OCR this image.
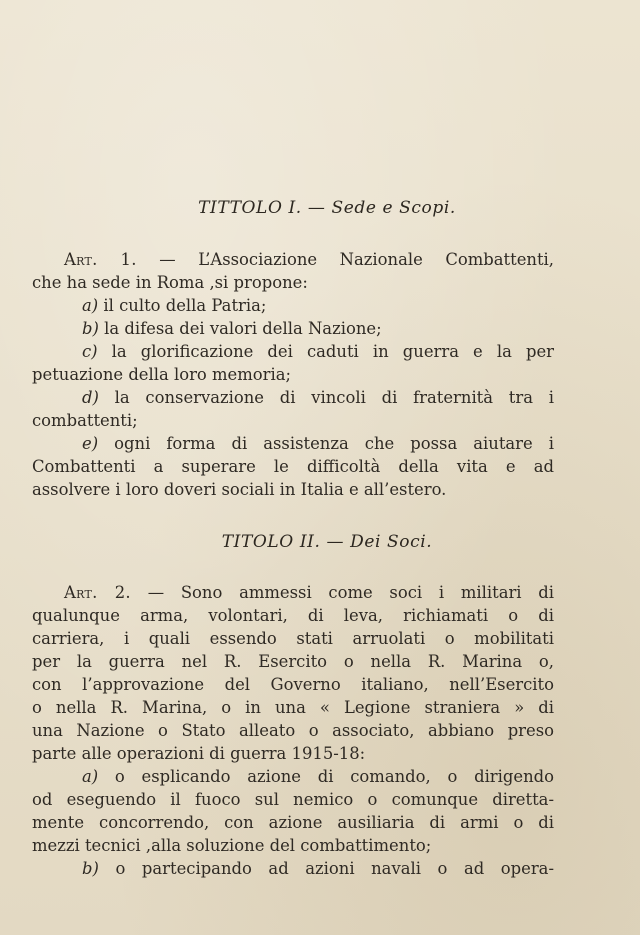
TITTOLO I. — Sede e Scopi.
Art. 1. — L’Associazione Nazionale Combattenti,
che ha sede in Roma ,si propone:
a) il culto della Patria;
b) la difesa dei valori della Nazione;
c) la glorificazione dei caduti in guerra e la per
petuazione della loro memoria;
d) la conservazione di vincoli di fraternità tra i
combattenti;
e) ogni forma di assistenza che possa aiutare i
Combattenti a superare le difficoltà della vita e ad
assolvere i loro doveri sociali in Italia e all’estero.
TITOLO II. — Dei Soci.
Art. 2. — Sono ammessi come soci i militari di
qualunque arma, volontari, di leva, richiamati o di
carriera, i quali essendo stati arruolati o mobilitati
per la guerra nel R. Esercito o nella R. Marina o,
con l’approvazione del Governo italiano, nell’Esercito
o nella R. Marina, o in una « Legione straniera » di
una Nazione o Stato alleato o associato, abbiano preso
parte alle operazioni di guerra 1915-18:
a) o esplicando azione di comando, o dirigendo
od eseguendo il fuoco sul nemico o comunque diretta-
mente concorrendo, con azione ausiliaria di armi o di
mezzi tecnici ,alla soluzione del combattimento;
b) o partecipando ad azioni navali o ad opera-
